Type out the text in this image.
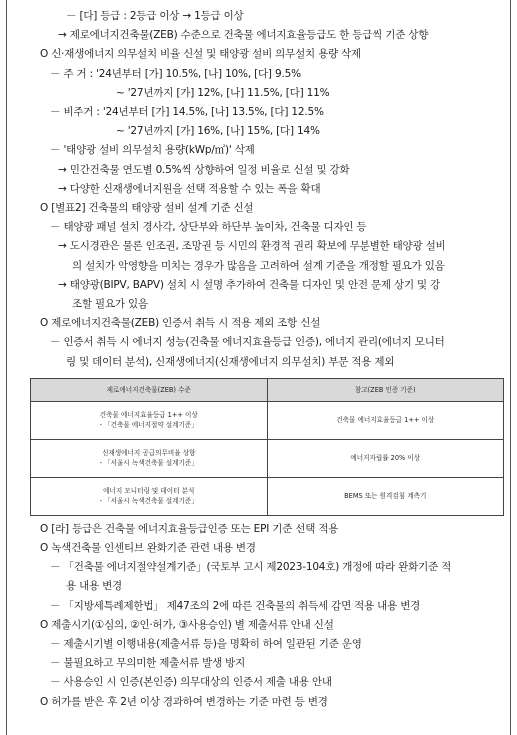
－ [다] 등급 : 2등급 이상 → 1등급 이상
→ 제로에너지건축물(ZEB) 수준으로 건축물 에너지효율등급도 한 등급씩 기준 상향
O 신·재생에너지 의무설치 비율 신설 및 태양광 설비 의무설치 용량 삭제
－ 주 거 : '24년부터 [가] 10.5%, [나] 10%, [다] 9.5%
~ '27년까지 [가] 12%, [나] 11.5%, [다] 11%
－ 비주거 : '24년부터 [가] 14.5%, [나] 13.5%, [다] 12.5%
~ '27년까지 [가] 16%, [나] 15%, [다] 14%
－ '태양광 설비 의무설치 용량(kWp/㎡)' 삭제
→ 민간건축물 연도별 0.5%씩 상향하여 일정 비율로 신설 및 강화
→ 다양한 신재생에너지원을 선택 적용할 수 있는 폭을 확대
O [별표2] 건축물의 태양광 설비 설계 기준 신설
－ 태양광 패널 설치 경사각, 상단부와 하단부 높이차, 건축물 디자인 등
→ 도시경관은 물론 인조권, 조망권 등 시민의 환경적 권리 확보에 무분별한 태양광 설비
의 설치가 악영향을 미치는 경우가 많음을 고려하여 설계 기준을 개정할 필요가 있음
→ 태양광(BIPV, BAPV) 설치 시 설명 추가하여 건축물 디자인 및 안전 문제 상기 및 강
조할 필요가 있음
O 제로에너지건축물(ZEB) 인증서 취득 시 적용 제외 조항 신설
－ 인증서 취득 시 에너지 성능(건축물 에너지효율등급 인증), 에너지 관리(에너지 모니터
링 및 데이터 분석), 신재생에너지(신재생에너지 의무설치) 부문 적용 제외
제로에너지건축물(ZEB) 수준	참고(ZEB 인증 기준)

건축물 에너지효율등급 1++ 이상
- 「건축물 에너지절약 설계기준」	건축물 에너지효율등급 1++ 이상

신재생에너지 공급의무비율 상향
- 「서울시 녹색건축물 설계기준」	에너지자립률 20% 이상

에너지 모니터링 및 데이터 분석
- 「서울시 녹색건축물 설계기준」	BEMS 또는 원격검침 계측기
O [라] 등급은 건축물 에너지효율등급인증 또는 EPI 기준 선택 적용
O 녹색건축물 인센티브 완화기준 관련 내용 변경
－ 「건축물 에너지절약설계기준」(국토부 고시 제2023-104호) 개정에 따라 완화기준 적
용 내용 변경
－ 「지방세특례제한법」 제47조의 2에 따른 건축물의 취득세 감면 적용 내용 변경
O 제출시기(①심의, ②인·허가, ③사용승인) 별 제출서류 안내 신설
－ 제출시기별 이행내용(제출서류 등)을 명확히 하여 일관된 기준 운영
－ 불필요하고 무의미한 제출서류 발생 방지
－ 사용승인 시 인증(본인증) 의무대상의 인증서 제출 내용 안내
O 허가를 받은 후 2년 이상 경과하여 변경하는 기준 마련 등 변경
